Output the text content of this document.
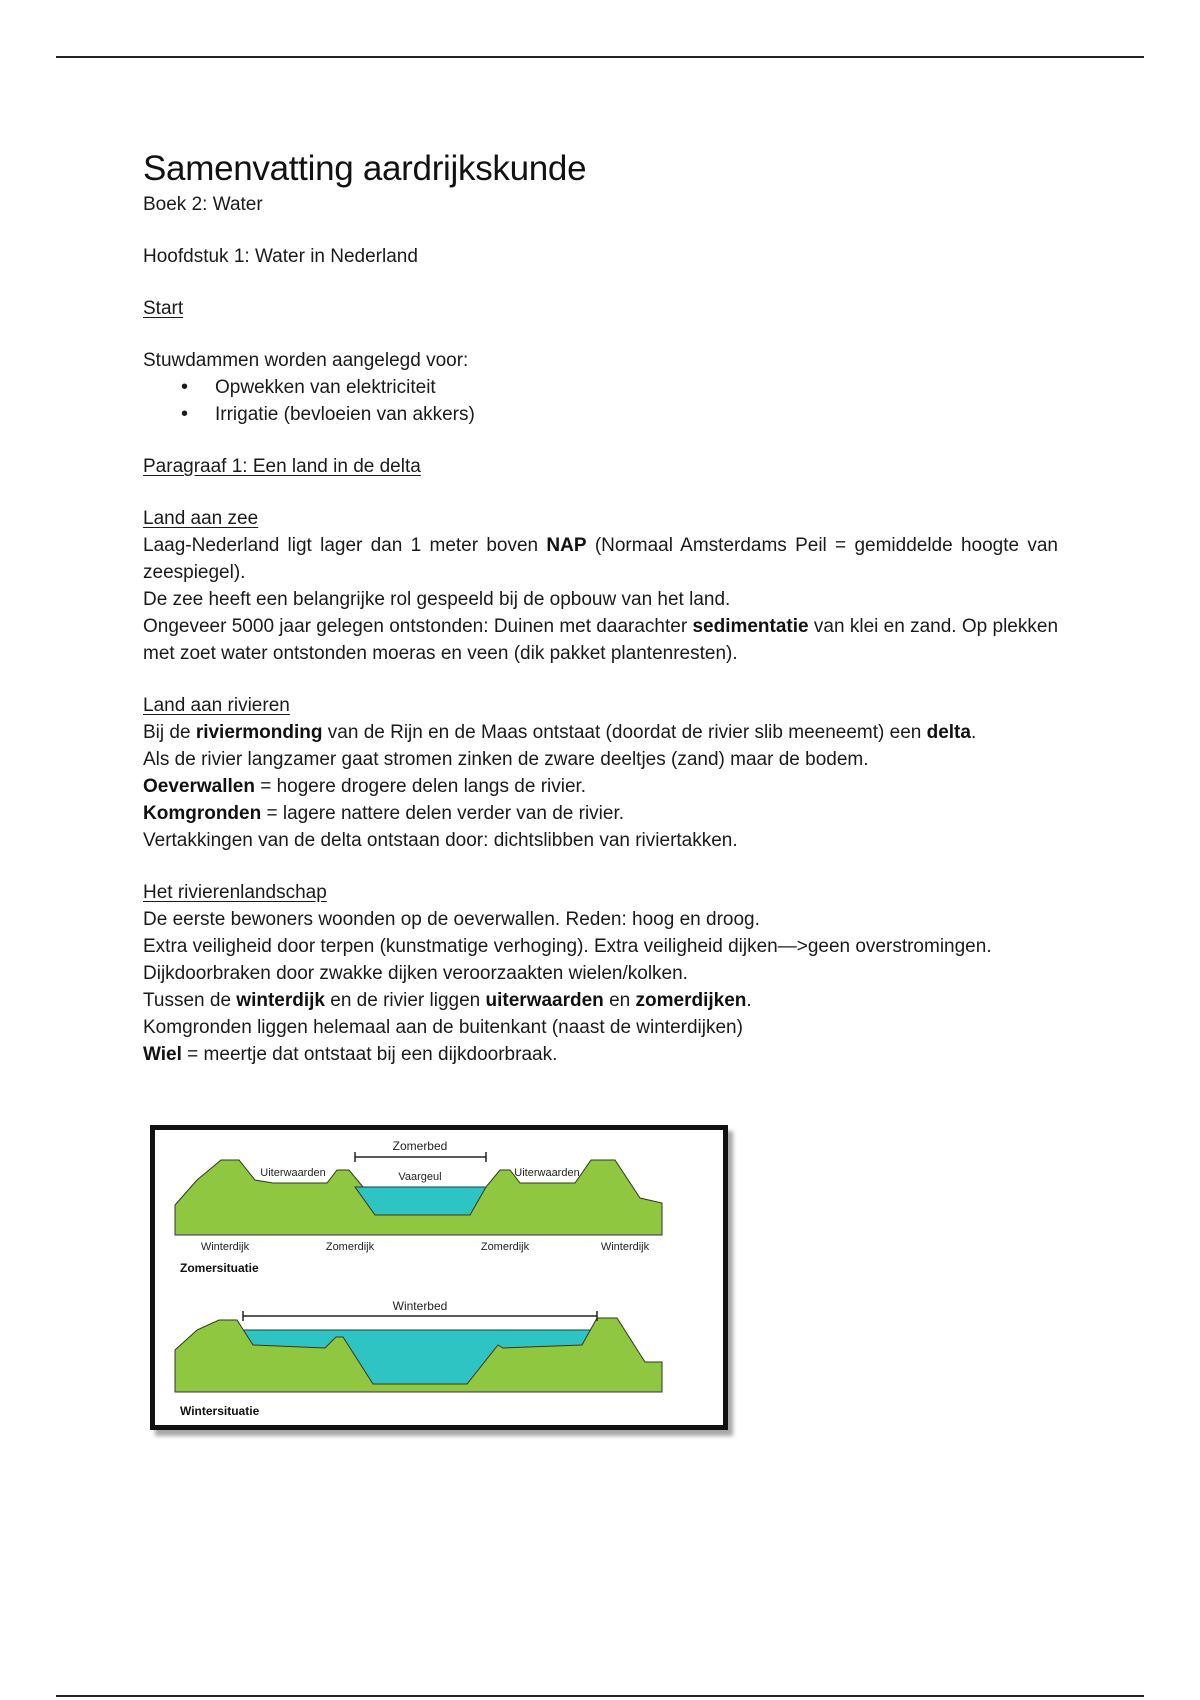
Samenvatting aardrijkskunde

Boek 2: Water

Hoofdstuk 1: Water in Nederland

Start

Stuwdammen worden aangelegd voor:

• Opwekken van elektriciteit
• Irrigatie (bevloeien van akkers)

Paragraaf 1: Een land in de delta

Land aan zee

Laag-Nederland ligt lager dan 1 meter boven NAP (Normaal Amsterdams Peil = gemiddelde hoogte van zeespiegel).

De zee heeft een belangrijke rol gespeeld bij de opbouw van het land.

Ongeveer 5000 jaar gelegen ontstonden: Duinen met daarachter sedimentatie van klei en zand. Op plekken met zoet water ontstonden moeras en veen (dik pakket plantenresten).

Land aan rivieren

Bij de riviermonding van de Rijn en de Maas ontstaat (doordat de rivier slib meeneemt) een delta.

Als de rivier langzamer gaat stromen zinken de zware deeltjes (zand) maar de bodem.

Oeverwallen = hogere drogere delen langs de rivier.

Komgronden = lagere nattere delen verder van de rivier.

Vertakkingen van de delta ontstaan door: dichtslibben van riviertakken.

Het rivierenlandschap

De eerste bewoners woonden op de oeverwallen. Reden: hoog en droog.

Extra veiligheid door terpen (kunstmatige verhoging). Extra veiligheid dijken—>geen overstromingen.

Dijkdoorbraken door zwakke dijken veroorzaakten wielen/kolken.

Tussen de winterdijk en de rivier liggen uiterwaarden en zomerdijken.

Komgronden liggen helemaal aan de buitenkant (naast de winterdijken)

Wiel = meertje dat ontstaat bij een dijkdoorbraak.

Zomerbed
Vaargeul
Uiterwaarden	Uiterwaarden
Winterdijk	Zomerdijk	Zomerdijk	Winterdijk
Zomersituatie
Winterbed
Wintersituatie
